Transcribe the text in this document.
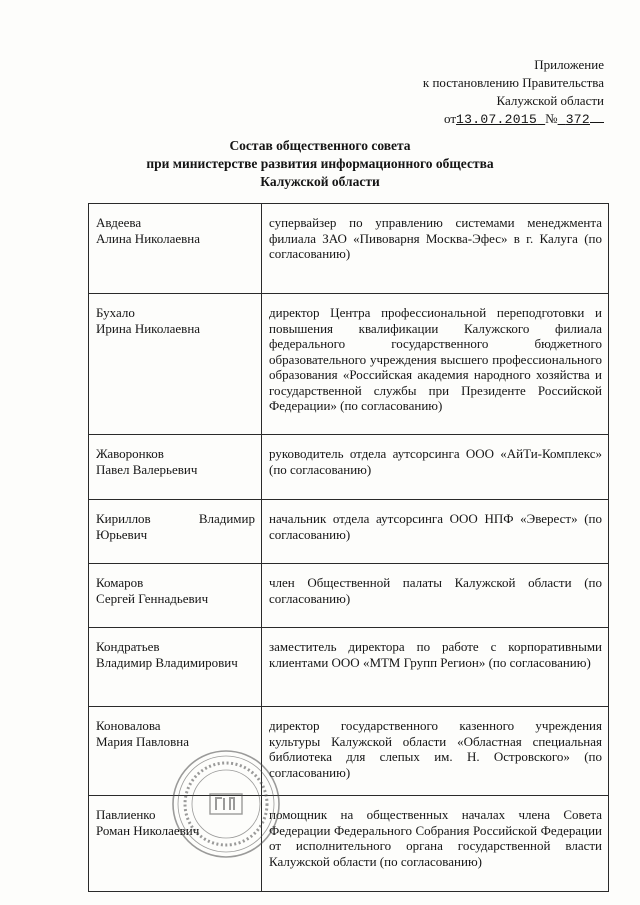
Приложение
к постановлению Правительства
Калужской области
от13.07.2015 № 372
Состав общественного совета
при министерстве развития информационного общества
Калужской области
Авдеева
Алина Николаевна	супервайзер по управлению системами менеджмента филиала ЗАО «Пивоварня Москва-Эфес» в г. Калуга (по согласованию)

Бухало
Ирина Николаевна	директор Центра профессиональной переподготовки и повышения квалификации Калужского филиала федерального государственного бюджетного образовательного учреждения высшего профессионального образования «Российская академия народного хозяйства и государственной службы при Президенте Российской Федерации» (по согласованию)

Жаворонков
Павел Валерьевич	руководитель отдела аутсорсинга ООО «АйТи-Комплекс» (по согласованию)

Кириллов Владимир
Юрьевич	начальник отдела аутсорсинга ООО НПФ «Эверест» (по согласованию)

Комаров
Сергей Геннадьевич	член Общественной палаты Калужской области (по согласованию)

Кондратьев
Владимир Владимирович	заместитель директора по работе с корпоративными клиентами ООО «МТМ Групп Регион» (по согласованию)

Коновалова
Мария Павловна	директор государственного казенного учреждения культуры Калужской области «Областная специальная библиотека для слепых им. Н. Островского» (по согласованию)

Павлиенко
Роман Николаевич	помощник на общественных началах члена Совета Федерации Федерального Собрания Российской Федерации от исполнительного органа государственной власти Калужской области (по согласованию)
